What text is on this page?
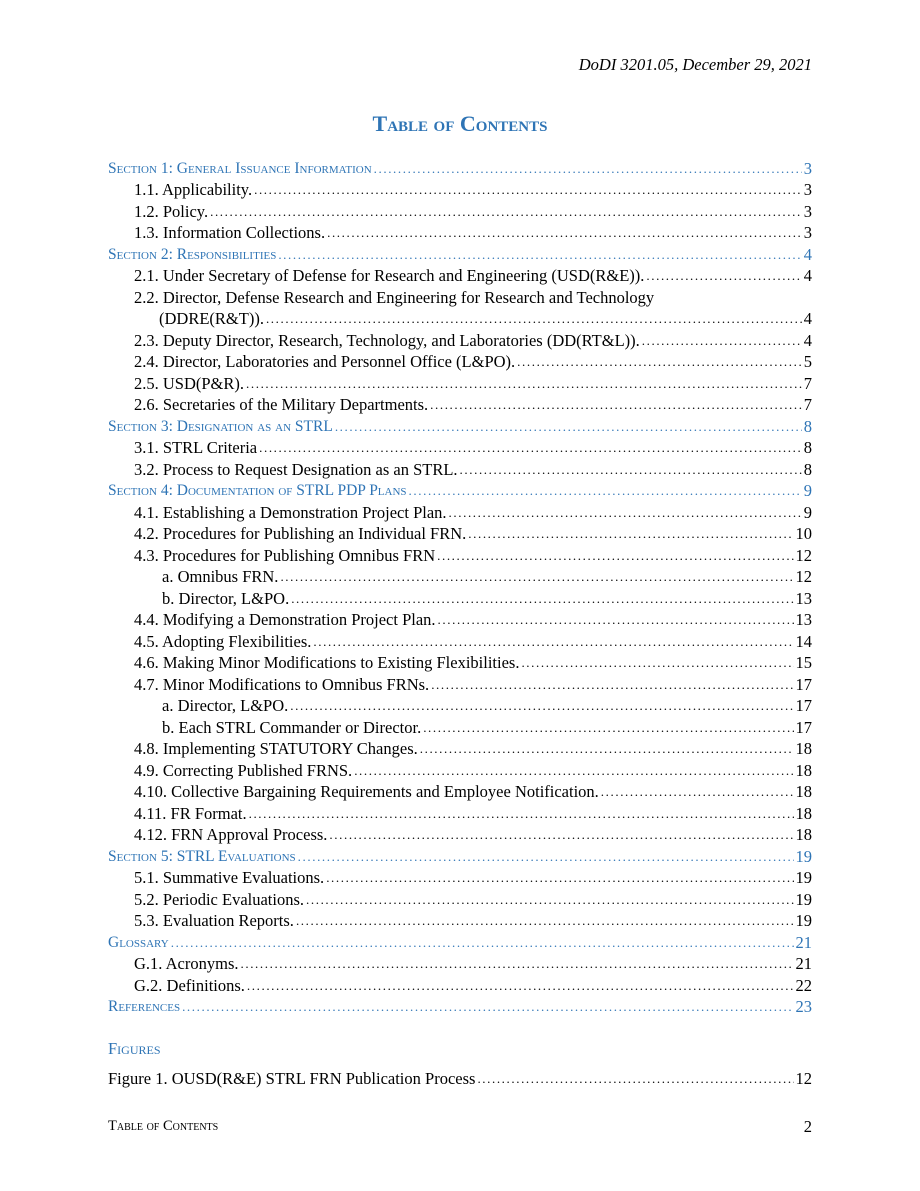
DoDI 3201.05, December 29, 2021
Table of Contents
Section 1: General Issuance Information .....	3
1.1. Applicability. .....	3
1.2. Policy. .....	3
1.3. Information Collections. .....	3
Section 2: Responsibilities .....	4
2.1. Under Secretary of Defense for Research and Engineering (USD(R&E)). .....	4
2.2. Director, Defense Research and Engineering for Research and Technology
(DDRE(R&T)). .....	4
2.3. Deputy Director, Research, Technology, and Laboratories (DD(RT&L)). .....	4
2.4. Director, Laboratories and Personnel Office (L&PO). .....	5
2.5. USD(P&R). .....	7
2.6. Secretaries of the Military Departments. .....	7
Section 3: Designation as an STRL .....	8
3.1. STRL Criteria .....	8
3.2. Process to Request Designation as an STRL. .....	8
Section 4: Documentation of STRL PDP Plans .....	9
4.1. Establishing a Demonstration Project Plan. .....	9
4.2. Procedures for Publishing an Individual FRN. .....	10
4.3. Procedures for Publishing Omnibus FRN .....	12
a. Omnibus FRN. .....	12
b. Director, L&PO. .....	13
4.4. Modifying a Demonstration Project Plan. .....	13
4.5. Adopting Flexibilities. .....	14
4.6. Making Minor Modifications to Existing Flexibilities. .....	15
4.7. Minor Modifications to Omnibus FRNs. .....	17
a. Director, L&PO. .....	17
b. Each STRL Commander or Director. .....	17
4.8. Implementing STATUTORY Changes. .....	18
4.9. Correcting Published FRNS. .....	18
4.10. Collective Bargaining Requirements and Employee Notification. .....	18
4.11. FR Format. .....	18
4.12. FRN Approval Process. .....	18
Section 5: STRL Evaluations .....	19
5.1. Summative Evaluations. .....	19
5.2. Periodic Evaluations. .....	19
5.3. Evaluation Reports. .....	19
Glossary .....	21
G.1. Acronyms. .....	21
G.2. Definitions. .....	22
References .....	23
Figures
Figure 1. OUSD(R&E) STRL FRN Publication Process .....	12
Table of Contents	2
